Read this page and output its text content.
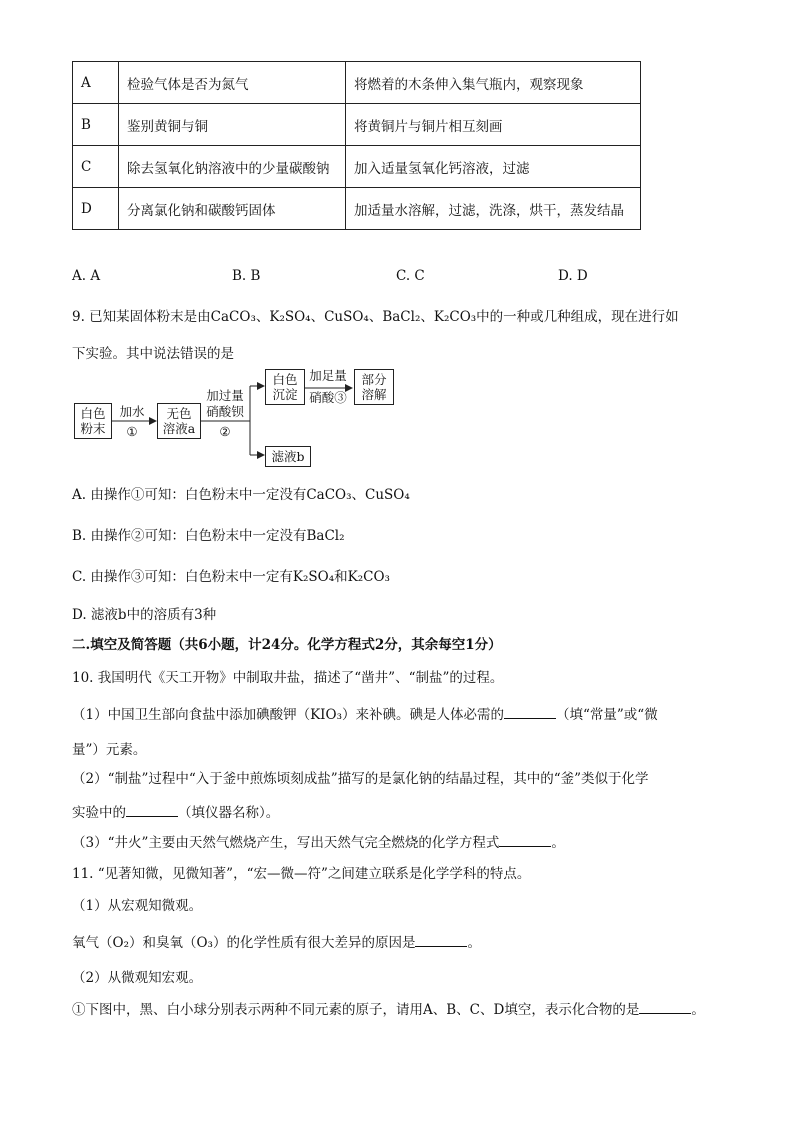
A	检验气体是否为氮气	将燃着的木条伸入集气瓶内，观察现象
B	鉴别黄铜与铜	将黄铜片与铜片相互刻画
C	除去氢氧化钠溶液中的少量碳酸钠	加入适量氢氧化钙溶液，过滤
D	分离氯化钠和碳酸钙固体	加适量水溶解，过滤，洗涤，烘干，蒸发结晶
A. A	B. B	C. C	D. D
9. 已知某固体粉末是由CaCO₃、K₂SO₄、CuSO₄、BaCl₂、K₂CO₃中的一种或几种组成，现在进行如
下实验。其中说法错误的是
白色
粉末
加水
①
无色
溶液a
加过量
硝酸钡
②
白色
沉淀
加足量
硝酸③
部分
溶解
滤液b
A. 由操作①可知：白色粉末中一定没有CaCO₃、CuSO₄
B. 由操作②可知：白色粉末中一定没有BaCl₂
C. 由操作③可知：白色粉末中一定有K₂SO₄和K₂CO₃
D. 滤液b中的溶质有3种
二.填空及简答题（共6小题，计24分。化学方程式2分，其余每空1分）
10. 我国明代《天工开物》中制取井盐，描述了“凿井”、“制盐”的过程。
（1）中国卫生部向食盐中添加碘酸钾（KIO₃）来补碘。碘是人体必需的	（填“常量”或“微
量”）元素。
（2）“制盐”过程中“入于釜中煎炼顷刻成盐”描写的是氯化钠的结晶过程，其中的“釜”类似于化学
实验中的	（填仪器名称）。
（3）“井火”主要由天然气燃烧产生，写出天然气完全燃烧的化学方程式	。
11. “见著知微，见微知著”，“宏—微—符”之间建立联系是化学学科的特点。
（1）从宏观知微观。
氧气（O₂）和臭氧（O₃）的化学性质有很大差异的原因是	。
（2）从微观知宏观。
①下图中，黑、白小球分别表示两种不同元素的原子，请用A、B、C、D填空，表示化合物的是	。
